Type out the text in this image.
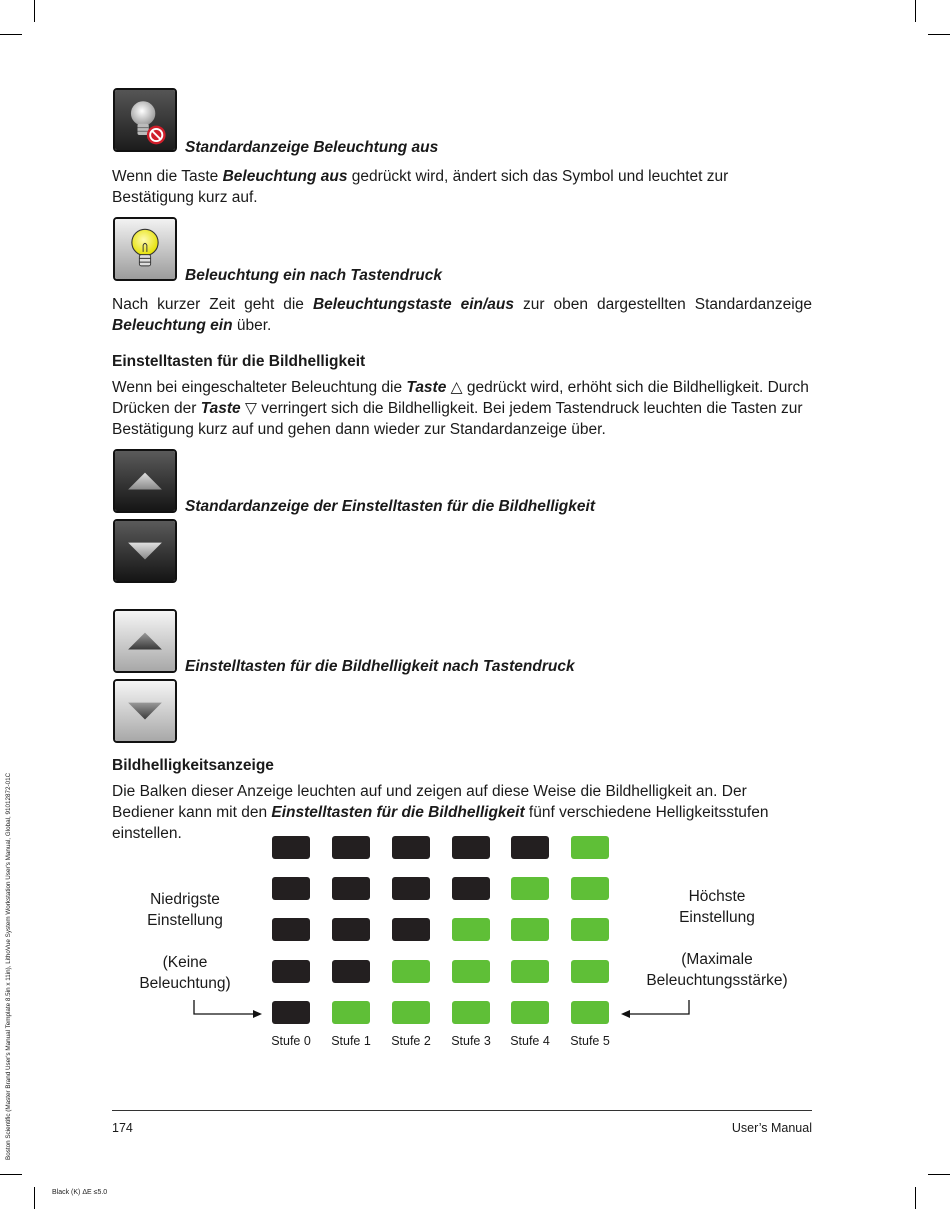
Boston Scientific (Master Brand User's Manual Template 8.5in x 11in), LithoVue System Workstation User's Manual, Global, 91012872-01C
Black (K) ΔE ≤5.0
Standardanzeige Beleuchtung aus
Wenn die Taste Beleuchtung aus gedrückt wird, ändert sich das Symbol und leuchtet zur Bestätigung kurz auf.
Beleuchtung ein nach Tastendruck
Nach kurzer Zeit geht die Beleuchtungstaste ein/aus zur oben dargestellten Standardanzeige Beleuchtung ein über.
Einstelltasten für die Bildhelligkeit
Wenn bei eingeschalteter Beleuchtung die Taste △ gedrückt wird, erhöht sich die Bildhelligkeit. Durch Drücken der Taste ▽ verringert sich die Bildhelligkeit. Bei jedem Tastendruck leuchten die Tasten zur Bestätigung kurz auf und gehen dann wieder zur Standardanzeige über.
Standardanzeige der Einstelltasten für die Bildhelligkeit
Einstelltasten für die Bildhelligkeit nach Tastendruck
Bildhelligkeitsanzeige
Die Balken dieser Anzeige leuchten auf und zeigen auf diese Weise die Bildhelligkeit an. Der Bediener kann mit den Einstelltasten für die Bildhelligkeit fünf verschiedene Helligkeitsstufen einstellen.
Niedrigste
Einstellung
(Keine
Beleuchtung)
Höchste
Einstellung
(Maximale
Beleuchtungsstärke)
Stufe 0	Stufe 1	Stufe 2	Stufe 3	Stufe 4	Stufe 5
174	User’s Manual
